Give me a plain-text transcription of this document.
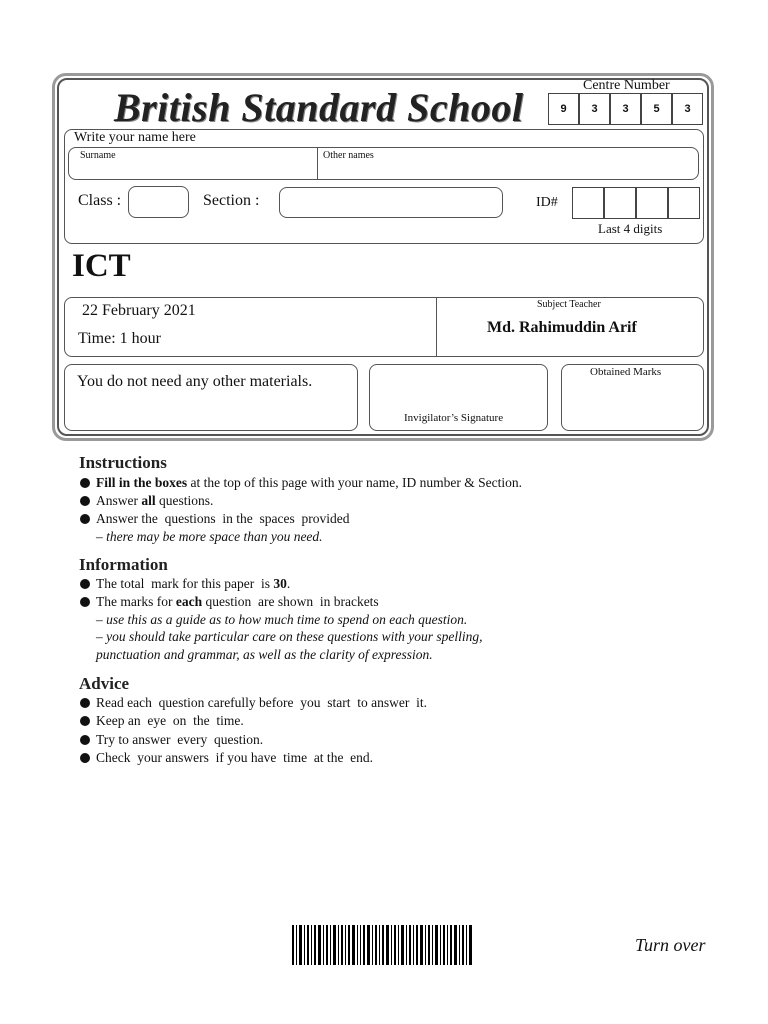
British Standard School	Centre Number
9	3	3	5	3
Write your name here
Surname	Other names
Class :	Section :	ID#
Last 4 digits
ICT
22 February 2021
Time: 1 hour
Subject Teacher
Md. Rahimuddin Arif
You do not need any other materials.
Invigilator’s Signature
Obtained Marks
Instructions
Fill in the boxes at the top of this page with your name, ID number & Section.
Answer all questions.
Answer the  questions  in the  spaces  provided
– there may be more space than you need.
Information
The total  mark for this paper  is 30 .
The marks for each question  are shown  in brackets
– use this as a guide as to how much time to spend on each question.
– you should take particular care on these questions with your spelling,
punctuation and grammar, as well as the clarity of expression.
Advice
Read each  question carefully before  you  start  to answer  it.
Keep an  eye  on  the  time.
Try to answer  every  question.
Check  your answers  if you have  time  at the  end.
Turn over
